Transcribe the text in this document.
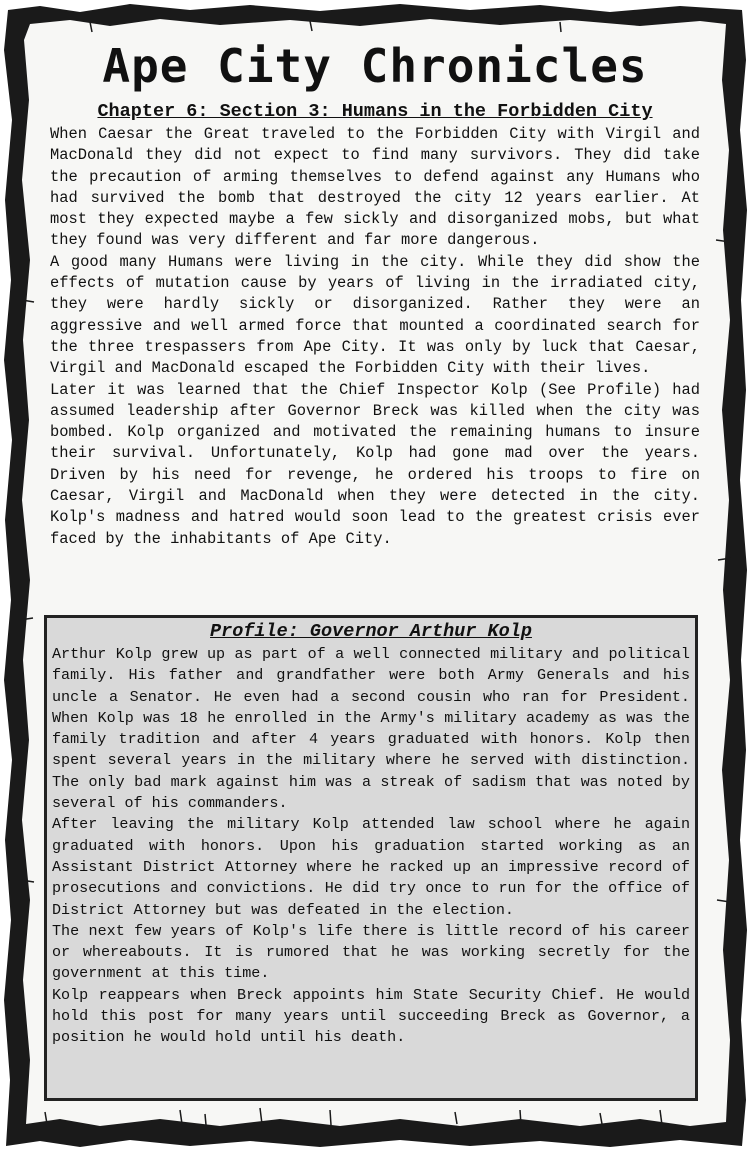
Ape City Chronicles
Chapter 6: Section 3: Humans in the Forbidden City

When Caesar the Great traveled to the Forbidden City with Virgil and MacDonald they did not expect to find many survivors. They did take the precaution of arming themselves to defend against any Humans who had survived the bomb that destroyed the city 12 years earlier. At most they expected maybe a few sickly and disorganized mobs, but what they found was very different and far more dangerous.

A good many Humans were living in the city. While they did show the effects of mutation cause by years of living in the irradiated city, they were hardly sickly or disorganized. Rather they were an aggressive and well armed force that mounted a coordinated search for the three trespassers from Ape City. It was only by luck that Caesar, Virgil and MacDonald escaped the Forbidden City with their lives.

Later it was learned that the Chief Inspector Kolp (See Profile) had assumed leadership after Governor Breck was killed when the city was bombed. Kolp organized and motivated the remaining humans to insure their survival. Unfortunately, Kolp had gone mad over the years. Driven by his need for revenge, he ordered his troops to fire on Caesar, Virgil and MacDonald when they were detected in the city. Kolp's madness and hatred would soon lead to the greatest crisis ever faced by the inhabitants of Ape City.

Profile: Governor Arthur Kolp

Arthur Kolp grew up as part of a well connected military and political family. His father and grandfather were both Army Generals and his uncle a Senator. He even had a second cousin who ran for President. When Kolp was 18 he enrolled in the Army's military academy as was the family tradition and after 4 years graduated with honors. Kolp then spent several years in the military where he served with distinction. The only bad mark against him was a streak of sadism that was noted by several of his commanders.

After leaving the military Kolp attended law school where he again graduated with honors. Upon his graduation started working as an Assistant District Attorney where he racked up an impressive record of prosecutions and convictions. He did try once to run for the office of District Attorney but was defeated in the election.

The next few years of Kolp's life there is little record of his career or whereabouts. It is rumored that he was working secretly for the government at this time.

Kolp reappears when Breck appoints him State Security Chief. He would hold this post for many years until succeeding Breck as Governor, a position he would hold until his death.
